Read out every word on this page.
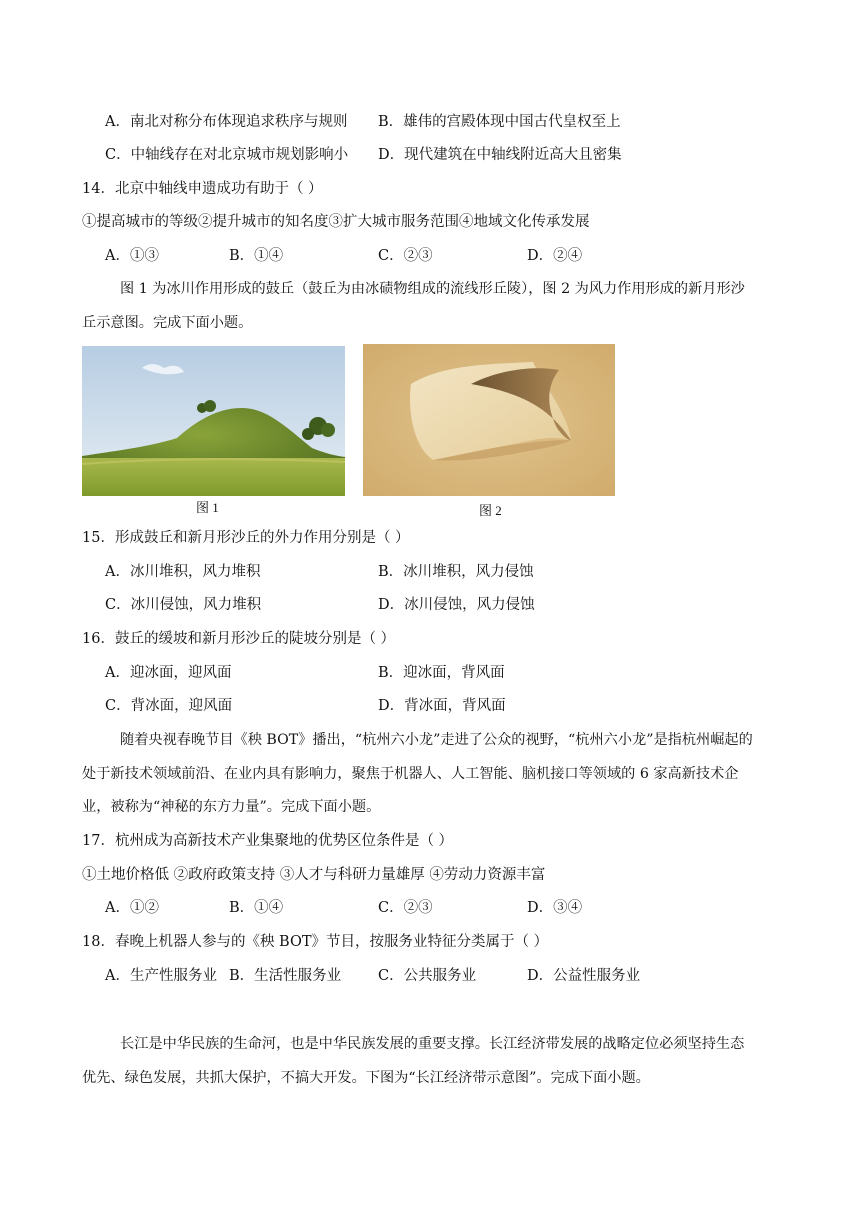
A．南北对称分布体现追求秩序与规则 B．雄伟的宫殿体现中国古代皇权至上
C．中轴线存在对北京城市规划影响小 D．现代建筑在中轴线附近高大且密集
14．北京中轴线申遗成功有助于（ ）
①提高城市的等级②提升城市的知名度③扩大城市服务范围④地域文化传承发展
A．①③	B．①④	C．②③	D．②④
图 1 为冰川作用形成的鼓丘（鼓丘为由冰碛物组成的流线形丘陵），图 2 为风力作用形成的新月形沙
丘示意图。完成下面小题。
图 1	图 2
15．形成鼓丘和新月形沙丘的外力作用分别是（ ）
A．冰川堆积，风力堆积	B．冰川堆积，风力侵蚀
C．冰川侵蚀，风力堆积	D．冰川侵蚀，风力侵蚀
16．鼓丘的缓坡和新月形沙丘的陡坡分别是（ ）
A．迎冰面，迎风面	B．迎冰面，背风面
C．背冰面，迎风面	D．背冰面，背风面
随着央视春晚节目《秧 BOT》播出，“杭州六小龙”走进了公众的视野，“杭州六小龙”是指杭州崛起的
处于新技术领域前沿、在业内具有影响力，聚焦于机器人、人工智能、脑机接口等领域的 6 家高新技术企
业，被称为“神秘的东方力量”。完成下面小题。
17．杭州成为高新技术产业集聚地的优势区位条件是（ ）
①土地价格低 ②政府政策支持 ③人才与科研力量雄厚 ④劳动力资源丰富
A．①②	B．①④	C．②③	D．③④
18．春晚上机器人参与的《秧 BOT》节目，按服务业特征分类属于（ ）
A．生产性服务业 B．生活性服务业	C．公共服务业	D．公益性服务业
长江是中华民族的生命河，也是中华民族发展的重要支撑。长江经济带发展的战略定位必须坚持生态
优先、绿色发展，共抓大保护，不搞大开发。下图为“长江经济带示意图”。完成下面小题。
